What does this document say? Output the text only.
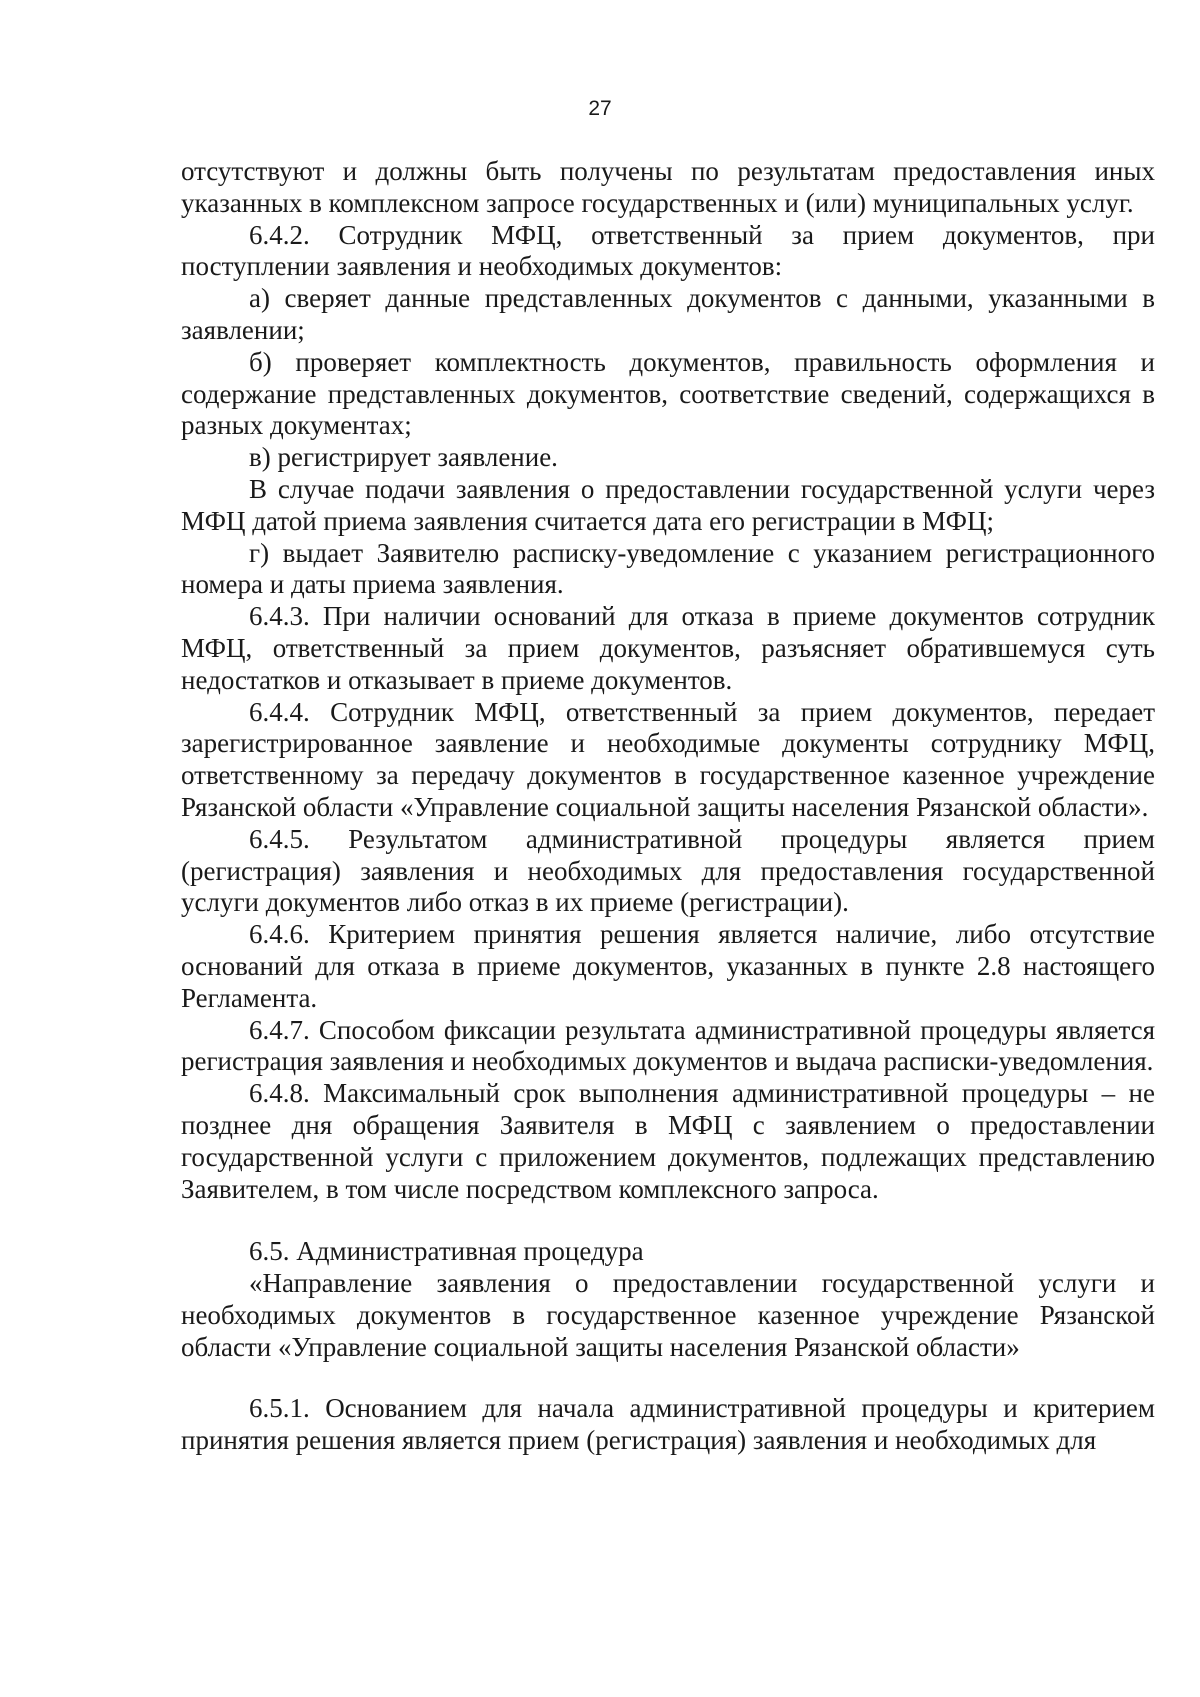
27

отсутствуют и должны быть получены по результатам предоставления иных указанных в комплексном запросе государственных и (или) муниципальных услуг.

6.4.2. Сотрудник МФЦ, ответственный за прием документов, при поступлении заявления и необходимых документов:

а) сверяет данные представленных документов с данными, указанными в заявлении;

б) проверяет комплектность документов, правильность оформления и содержание представленных документов, соответствие сведений, содержащихся в разных документах;

в) регистрирует заявление.

В случае подачи заявления о предоставлении государственной услуги через МФЦ датой приема заявления считается дата его регистрации в МФЦ;

г) выдает Заявителю расписку-уведомление с указанием регистрационного номера и даты приема заявления.

6.4.3. При наличии оснований для отказа в приеме документов сотрудник МФЦ, ответственный за прием документов, разъясняет обратившемуся суть недостатков и отказывает в приеме документов.

6.4.4. Сотрудник МФЦ, ответственный за прием документов, передает зарегистрированное заявление и необходимые документы сотруднику МФЦ, ответственному за передачу документов в государственное казенное учреждение Рязанской области «Управление социальной защиты населения Рязанской области».

6.4.5. Результатом административной процедуры является прием (регистрация) заявления и необходимых для предоставления государственной услуги документов либо отказ в их приеме (регистрации).

6.4.6. Критерием принятия решения является наличие, либо отсутствие оснований для отказа в приеме документов, указанных в пункте 2.8 настоящего Регламента.

6.4.7. Способом фиксации результата административной процедуры является регистрация заявления и необходимых документов и выдача расписки-уведомления.

6.4.8. Максимальный срок выполнения административной процедуры – не позднее дня обращения Заявителя в МФЦ с заявлением о предоставлении государственной услуги с приложением документов, подлежащих представлению Заявителем, в том числе посредством комплексного запроса.

6.5. Административная процедура

«Направление заявления о предоставлении государственной услуги и необходимых документов в государственное казенное учреждение Рязанской области «Управление социальной защиты населения Рязанской области»

6.5.1. Основанием для начала административной процедуры и критерием принятия решения является прием (регистрация) заявления и необходимых для
